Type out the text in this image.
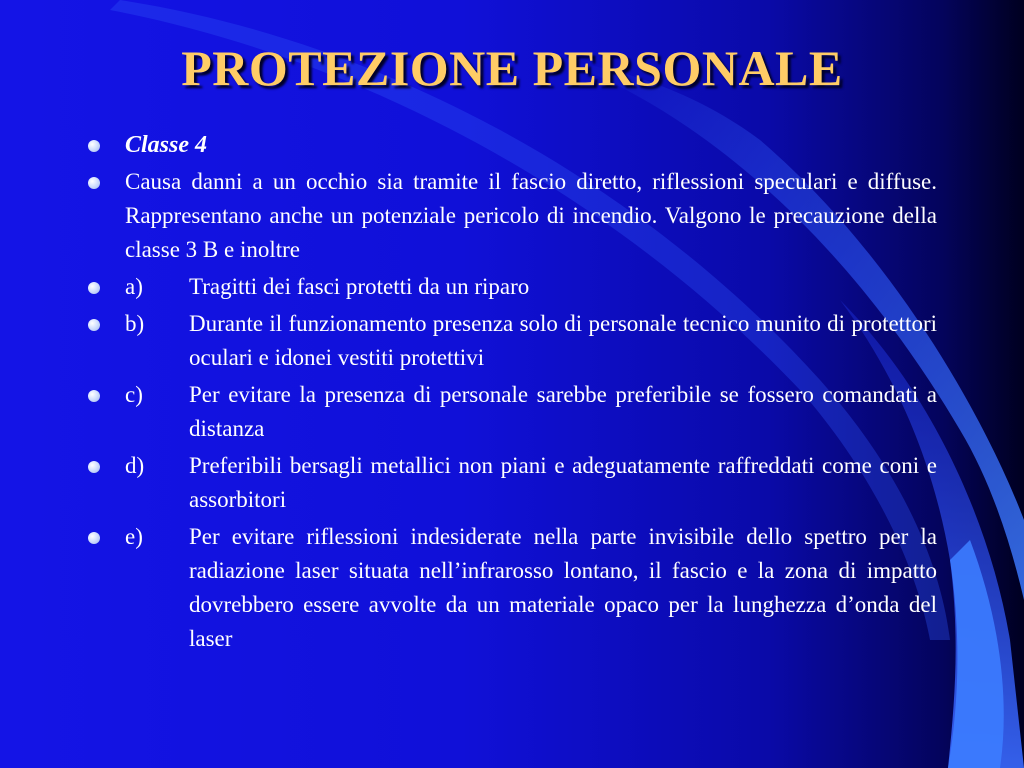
PROTEZIONE PERSONALE
Classe 4
Causa danni a un occhio sia tramite il fascio diretto, riflessioni speculari e diffuse. Rappresentano anche un potenziale pericolo di incendio. Valgono le precauzione della classe 3 B e inoltre
a) Tragitti dei fasci protetti da un riparo
b) Durante il funzionamento presenza solo di personale tecnico munito di protettori oculari e idonei vestiti protettivi
c) Per evitare la presenza di personale sarebbe preferibile se fossero comandati a distanza
d) Preferibili bersagli metallici non piani e adeguatamente raffreddati come coni e assorbitori
e) Per evitare riflessioni indesiderate nella parte invisibile dello spettro per la radiazione laser situata nell’infrarosso lontano, il fascio e la zona di impatto dovrebbero essere avvolte da un materiale opaco per la lunghezza d’onda del laser
